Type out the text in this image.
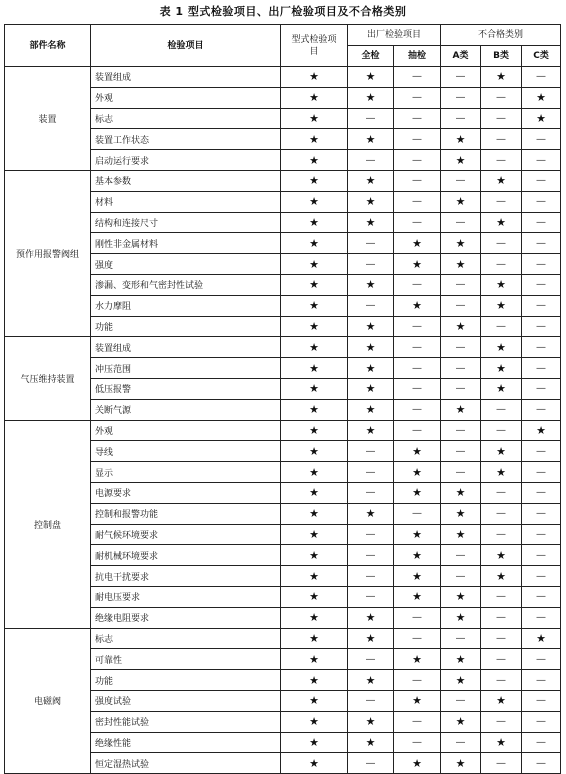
表 1 型式检验项目、出厂检验项目及不合格类别
部件名称	检验项目	型式检验项目	出厂检验项目		不合格类别		
			全检	抽检	A类	B类	C类
装置	装置组成	★	★	—	—	★	—
	外观	★	★	—	—	—	★
	标志	★	—	—	—	—	★
	装置工作状态	★	★	—	★	—	—
	启动运行要求	★	—	—	★	—	—
预作用报警阀组	基本参数	★	★	—	—	★	—
	材料	★	★	—	★	—	—
	结构和连接尺寸	★	★	—	—	★	—
	刚性非金属材料	★	—	★	★	—	—
	强度	★	—	★	★	—	—
	渗漏、变形和气密封性试验	★	★	—	—	★	—
	水力摩阻	★	—	★	—	★	—
	功能	★	★	—	★	—	—
气压维持装置	装置组成	★	★	—	—	★	—
	冲压范围	★	★	—	—	★	—
	低压报警	★	★	—	—	★	—
	关断气源	★	★	—	★	—	—
控制盘	外观	★	★	—	—	—	★
	导线	★	—	★	—	★	—
	显示	★	—	★	—	★	—
	电源要求	★	—	★	★	—	—
	控制和报警功能	★	★	—	★	—	—
	耐气候环境要求	★	—	★	★	—	—
	耐机械环境要求	★	—	★	—	★	—
	抗电干扰要求	★	—	★	—	★	—
	耐电压要求	★	—	★	★	—	—
	绝缘电阻要求	★	★	—	★	—	—
电磁阀	标志	★	★	—	—	—	★
	可靠性	★	—	★	★	—	—
	功能	★	★	—	★	—	—
	强度试验	★	—	★	—	★	—
	密封性能试验	★	★	—	★	—	—
	绝缘性能	★	★	—	—	★	—
	恒定湿热试验	★	—	★	★	—	—
